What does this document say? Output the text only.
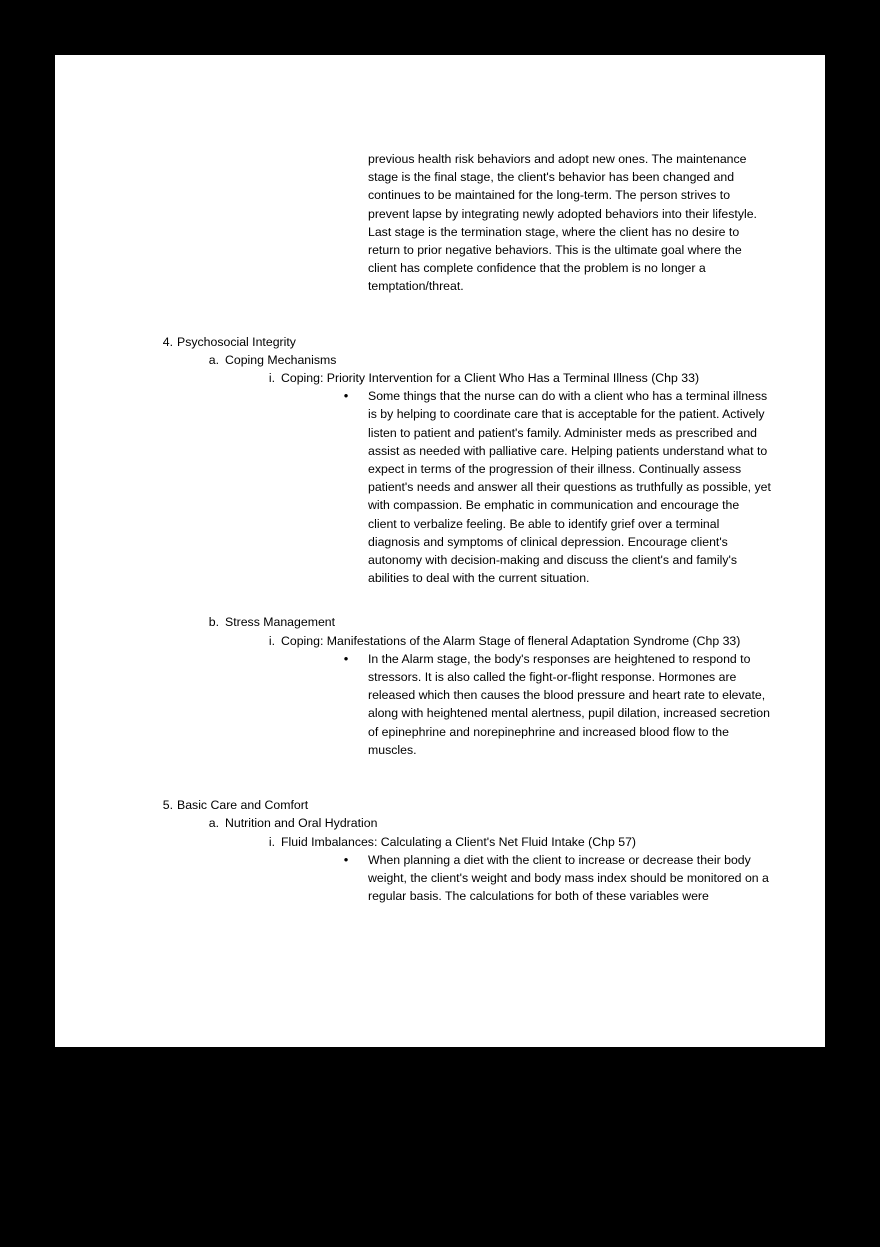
previous health risk behaviors and adopt new ones. The maintenance stage is the final stage, the client's behavior has been changed and continues to be maintained for the long-term. The person strives to prevent lapse by integrating newly adopted behaviors into their lifestyle. Last stage is the termination stage, where the client has no desire to return to prior negative behaviors. This is the ultimate goal where the client has complete confidence that the problem is no longer a temptation/threat.

4. Psychosocial Integrity
a. Coping Mechanisms
i. Coping: Priority Intervention for a Client Who Has a Terminal Illness (Chp 33)
•	Some things that the nurse can do with a client who has a terminal illness is by helping to coordinate care that is acceptable for the patient. Actively listen to patient and patient's family. Administer meds as prescribed and assist as needed with palliative care. Helping patients understand what to expect in terms of the progression of their illness. Continually assess patient's needs and answer all their questions as truthfully as possible, yet with compassion. Be emphatic in communication and encourage the client to verbalize feeling. Be able to identify grief over a terminal diagnosis and symptoms of clinical depression. Encourage client's autonomy with decision-making and discuss the client's and family's abilities to deal with the current situation.
b. Stress Management
i. Coping: Manifestations of the Alarm Stage of fleneral Adaptation Syndrome (Chp 33)
•	In the Alarm stage, the body's responses are heightened to respond to stressors. It is also called the fight-or-flight response. Hormones are released which then causes the blood pressure and heart rate to elevate, along with heightened mental alertness, pupil dilation, increased secretion of epinephrine and norepinephrine and increased blood flow to the muscles.
5. Basic Care and Comfort
a. Nutrition and Oral Hydration
i. Fluid Imbalances: Calculating a Client's Net Fluid Intake (Chp 57)
•	When planning a diet with the client to increase or decrease their body weight, the client's weight and body mass index should be monitored on a regular basis. The calculations for both of these variables were
